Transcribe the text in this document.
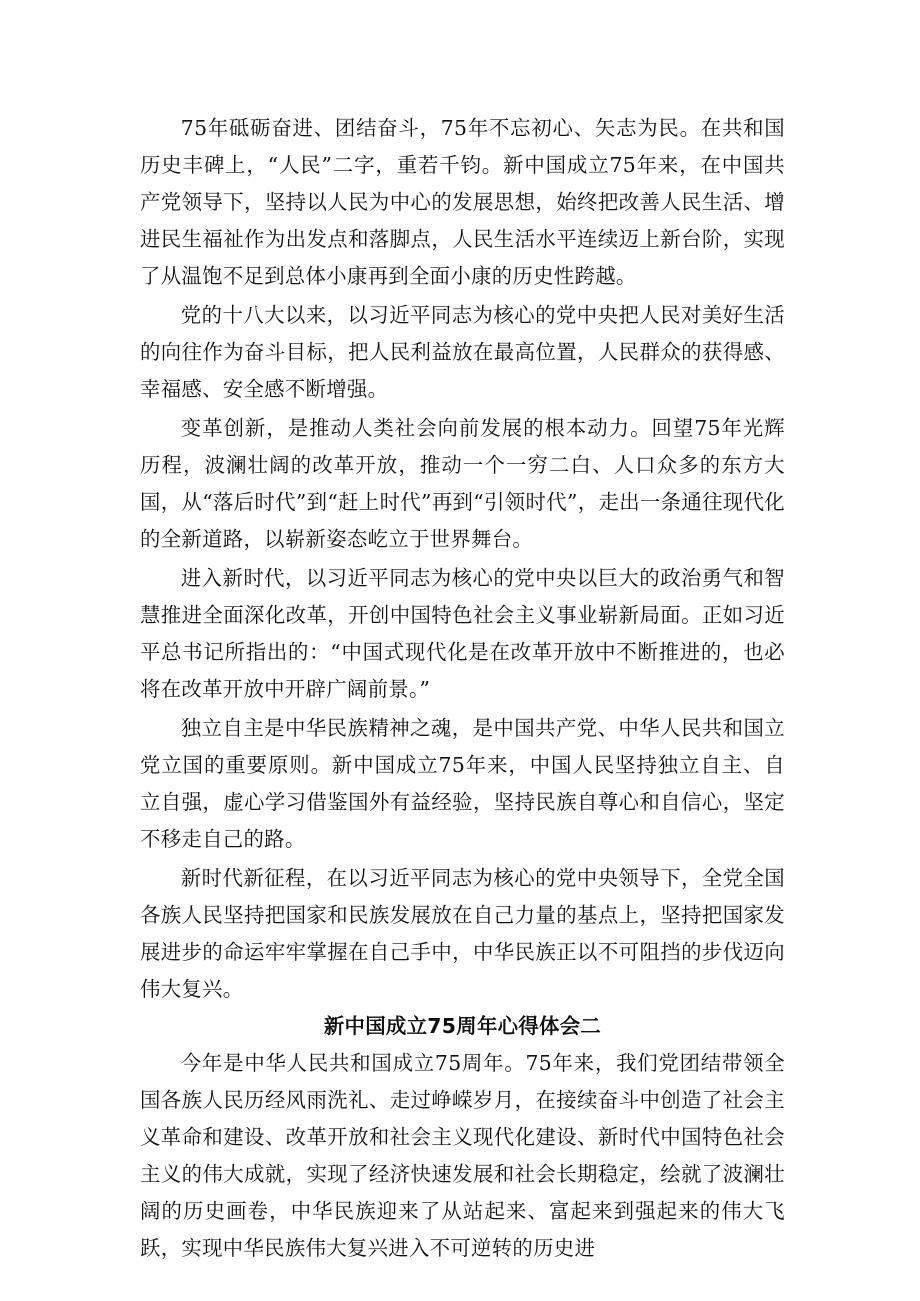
75年砥砺奋进、团结奋斗，75年不忘初心、矢志为民。在共和国历史丰碑上，“人民”二字，重若千钧。新中国成立75年来，在中国共产党领导下，坚持以人民为中心的发展思想，始终把改善人民生活、增进民生福祉作为出发点和落脚点，人民生活水平连续迈上新台阶，实现了从温饱不足到总体小康再到全面小康的历史性跨越。

党的十八大以来，以习近平同志为核心的党中央把人民对美好生活的向往作为奋斗目标，把人民利益放在最高位置，人民群众的获得感、幸福感、安全感不断增强。

变革创新，是推动人类社会向前发展的根本动力。回望75年光辉历程，波澜壮阔的改革开放，推动一个一穷二白、人口众多的东方大国，从“落后时代”到“赶上时代”再到“引领时代”，走出一条通往现代化的全新道路，以崭新姿态屹立于世界舞台。

进入新时代，以习近平同志为核心的党中央以巨大的政治勇气和智慧推进全面深化改革，开创中国特色社会主义事业崭新局面。正如习近平总书记所指出的：“中国式现代化是在改革开放中不断推进的，也必将在改革开放中开辟广阔前景。”

独立自主是中华民族精神之魂，是中国共产党、中华人民共和国立党立国的重要原则。新中国成立75年来，中国人民坚持独立自主、自立自强，虚心学习借鉴国外有益经验，坚持民族自尊心和自信心，坚定不移走自己的路。

新时代新征程，在以习近平同志为核心的党中央领导下，全党全国各族人民坚持把国家和民族发展放在自己力量的基点上，坚持把国家发展进步的命运牢牢掌握在自己手中，中华民族正以不可阻挡的步伐迈向伟大复兴。

新中国成立75周年心得体会二

今年是中华人民共和国成立75周年。75年来，我们党团结带领全国各族人民历经风雨洗礼、走过峥嵘岁月，在接续奋斗中创造了社会主义革命和建设、改革开放和社会主义现代化建设、新时代中国特色社会主义的伟大成就，实现了经济快速发展和社会长期稳定，绘就了波澜壮阔的历史画卷，中华民族迎来了从站起来、富起来到强起来的伟大飞跃，实现中华民族伟大复兴进入不可逆转的历史进
